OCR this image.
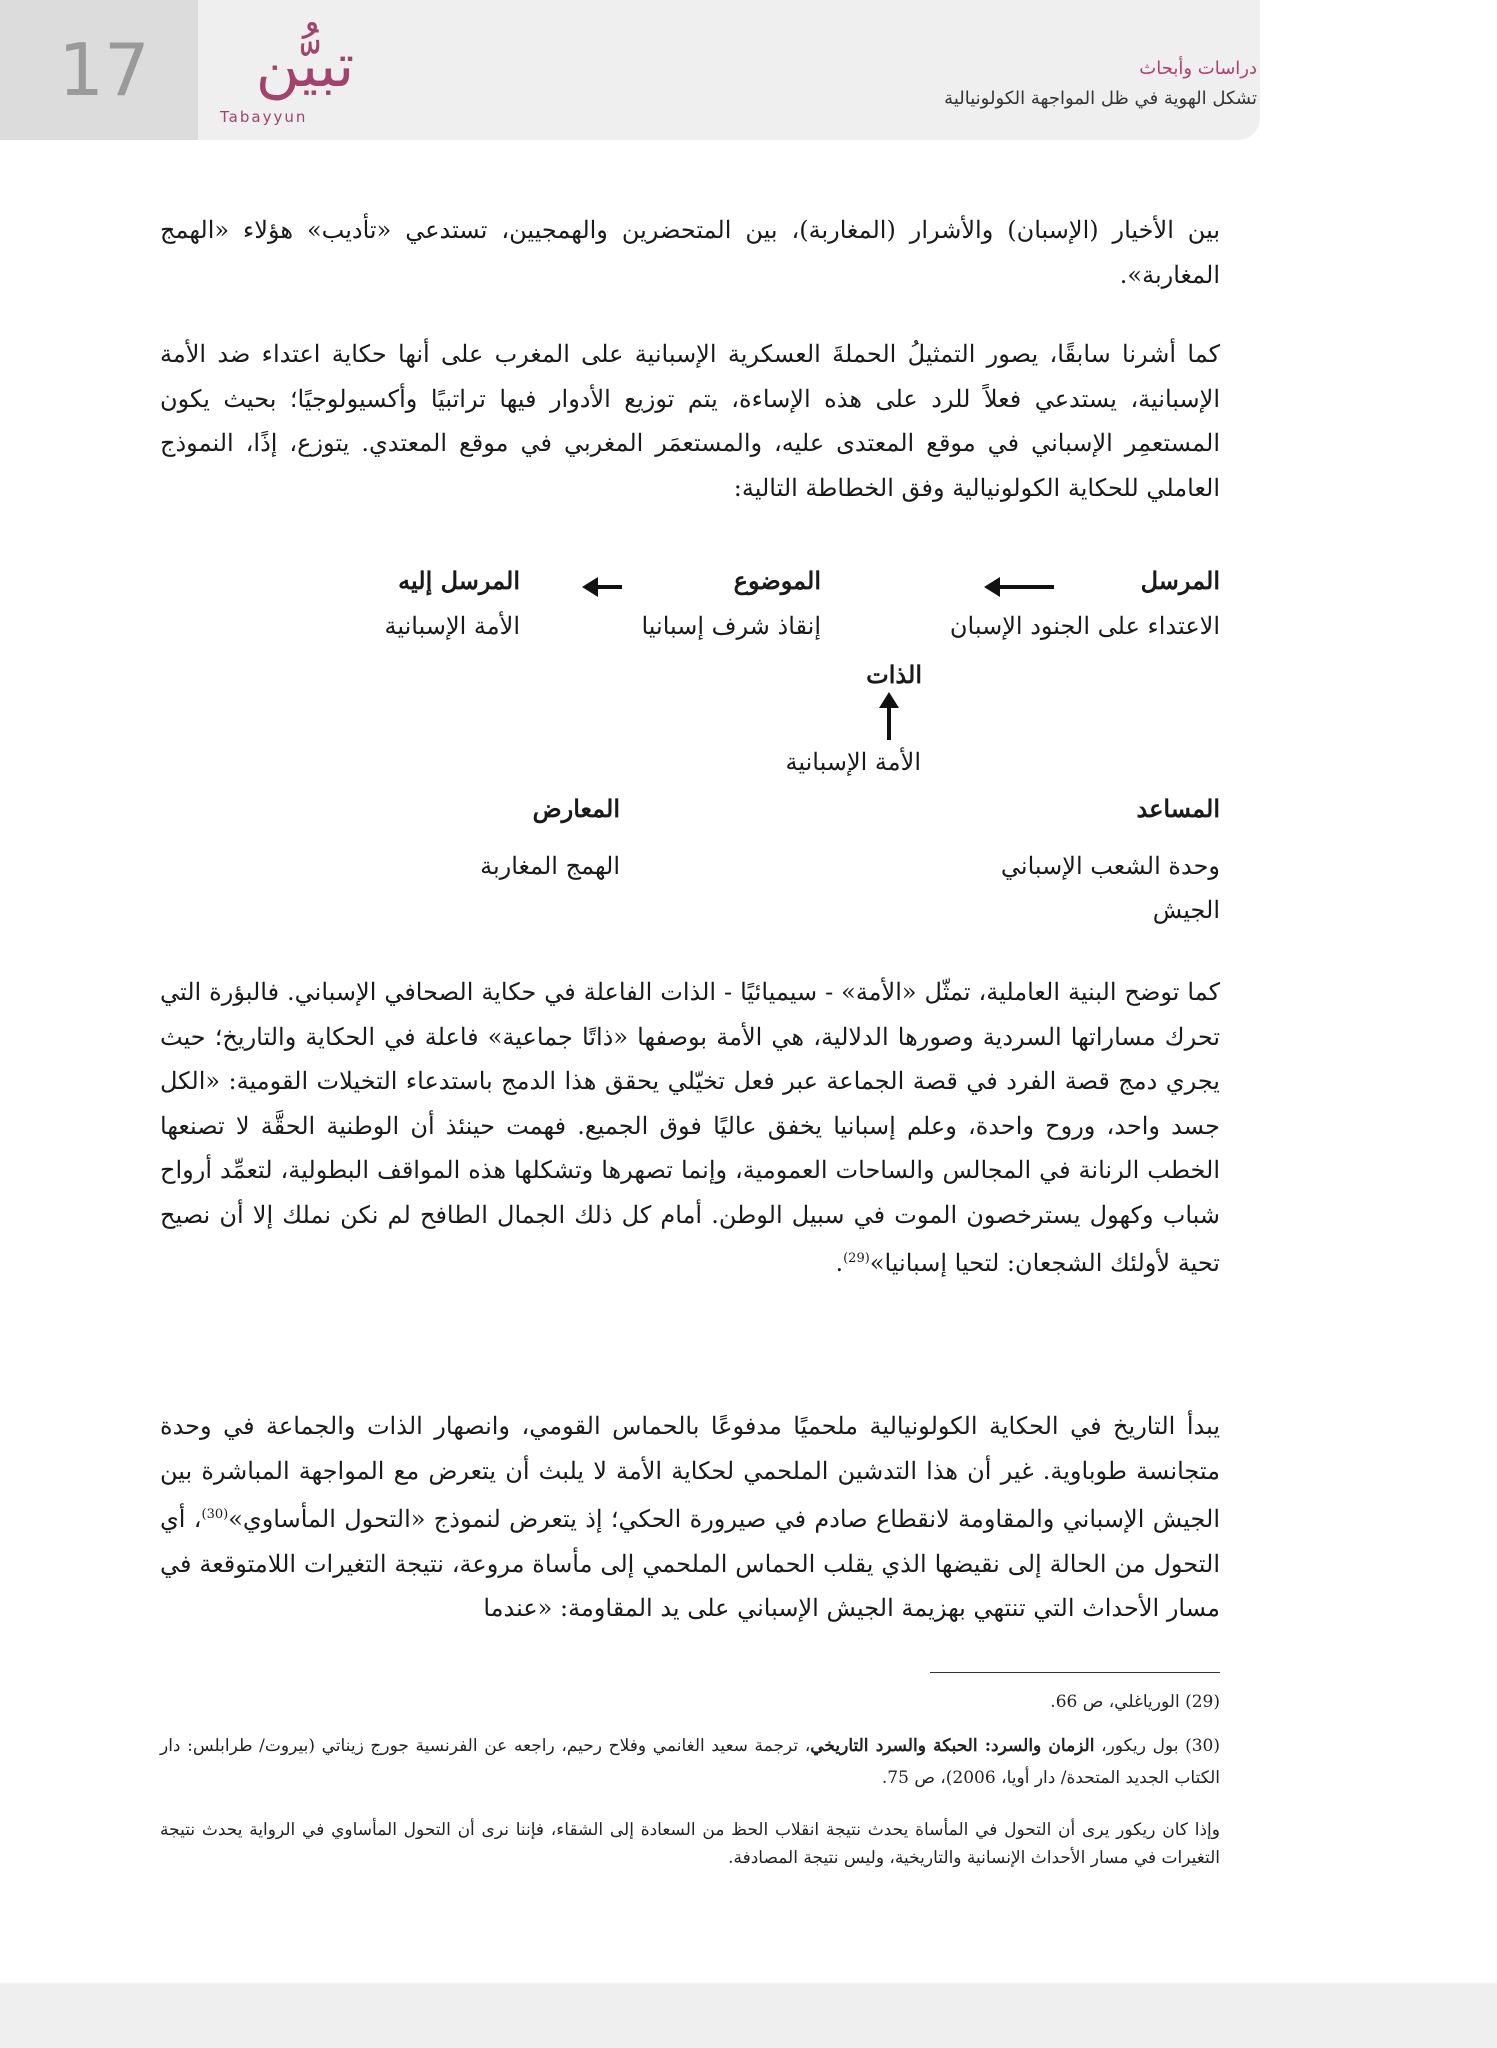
17	تبيُّن
Tabayyun
دراسات وأبحاث
تشكل الهوية في ظل المواجهة الكولونيالية
بين الأخيار (الإسبان) والأشرار (المغاربة)، بين المتحضرين والهمجيين، تستدعي «تأديب» هؤلاء «الهمج المغاربة».
كما أشرنا سابقًا، يصور التمثيلُ الحملةَ العسكرية الإسبانية على المغرب على أنها حكاية اعتداء ضد الأمة الإسبانية، يستدعي فعلاً للرد على هذه الإساءة، يتم توزيع الأدوار فيها تراتبيًا وأكسيولوجيًا؛ بحيث يكون المستعمِر الإسباني في موقع المعتدى عليه، والمستعمَر المغربي في موقع المعتدي. يتوزع، إذًا، النموذج العاملي للحكاية الكولونيالية وفق الخطاطة التالية:
المرسل
الاعتداء على الجنود الإسبان
الموضوع
إنقاذ شرف إسبانيا
المرسل إليه
الأمة الإسبانية
الذات
الأمة الإسبانية
المساعد
وحدة الشعب الإسباني
الجيش
المعارض
الهمج المغاربة
كما توضح البنية العاملية، تمثّل «الأمة» - سيميائيًا - الذات الفاعلة في حكاية الصحافي الإسباني. فالبؤرة التي تحرك مساراتها السردية وصورها الدلالية، هي الأمة بوصفها «ذاتًا جماعية» فاعلة في الحكاية والتاريخ؛ حيث يجري دمج قصة الفرد في قصة الجماعة عبر فعل تخيّلي يحقق هذا الدمج باستدعاء التخيلات القومية: «الكل جسد واحد، وروح واحدة، وعلم إسبانيا يخفق عاليًا فوق الجميع. فهمت حينئذ أن الوطنية الحقَّة لا تصنعها الخطب الرنانة في المجالس والساحات العمومية، وإنما تصهرها وتشكلها هذه المواقف البطولية، لتعمِّد أرواح شباب وكهول يسترخصون الموت في سبيل الوطن. أمام كل ذلك الجمال الطافح لم نكن نملك إلا أن نصيح تحية لأولئك الشجعان: لتحيا إسبانيا»$^{(29)}$.
يبدأ التاريخ في الحكاية الكولونيالية ملحميًا مدفوعًا بالحماس القومي، وانصهار الذات والجماعة في وحدة متجانسة طوباوية. غير أن هذا التدشين الملحمي لحكاية الأمة لا يلبث أن يتعرض مع المواجهة المباشرة بين الجيش الإسباني والمقاومة لانقطاع صادم في صيرورة الحكي؛ إذ يتعرض لنموذج «التحول المأساوي»$^{(30)}$، أي التحول من الحالة إلى نقيضها الذي يقلب الحماس الملحمي إلى مأساة مروعة، نتيجة التغيرات اللامتوقعة في مسار الأحداث التي تنتهي بهزيمة الجيش الإسباني على يد المقاومة: «عندما
(29) الورياغلي، ص 66.
(30) بول ريكور، الزمان والسرد: الحبكة والسرد التاريخي، ترجمة سعيد الغانمي وفلاح رحيم، راجعه عن الفرنسية جورج زيناتي (بيروت/ طرابلس: دار الكتاب الجديد المتحدة/ دار أويا، 2006)، ص 75.
وإذا كان ريكور يرى أن التحول في المأساة يحدث نتيجة انقلاب الحظ من السعادة إلى الشقاء، فإننا نرى أن التحول المأساوي في الرواية يحدث نتيجة التغيرات في مسار الأحداث الإنسانية والتاريخية، وليس نتيجة المصادفة.
